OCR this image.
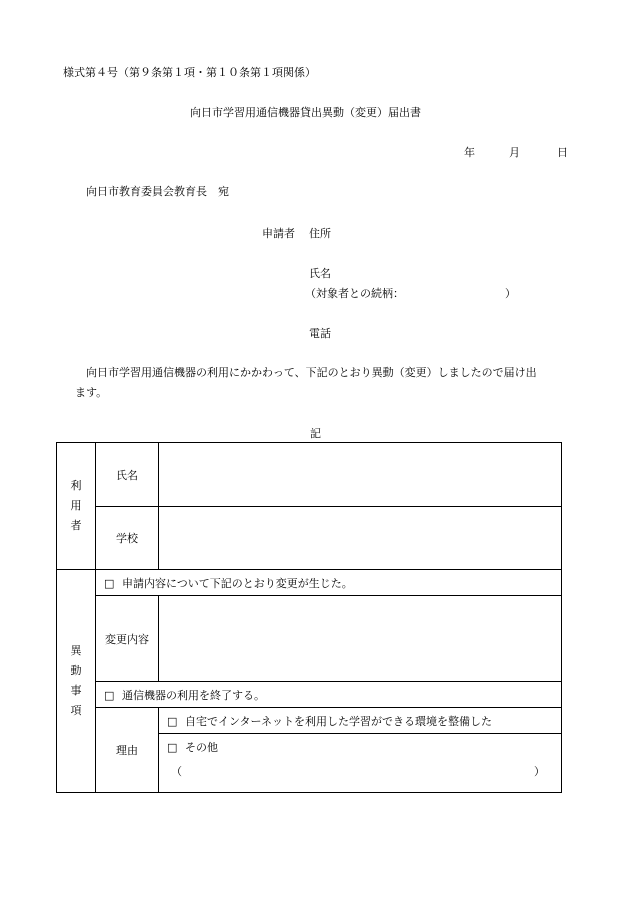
様式第４号（第９条第１項・第１０条第１項関係）
向日市学習用通信機器貸出異動（変更）届出書
年	月	日
向日市教育委員会教育長　宛
申請者 住所
氏名
（対象者との続柄：	）
電話
向日市学習用通信機器の利用にかかわって、下記のとおり異動（変更）しましたので届け出
ます。
記
利
用
者	氏名	
	学校	

異
動
事
項	□ 申請内容について下記のとおり変更が生じた。	
	変更内容	
	□ 通信機器の利用を終了する。	
	理由	□ 自宅でインターネットを利用した学習ができる環境を整備した

		□ その他
（ ）
